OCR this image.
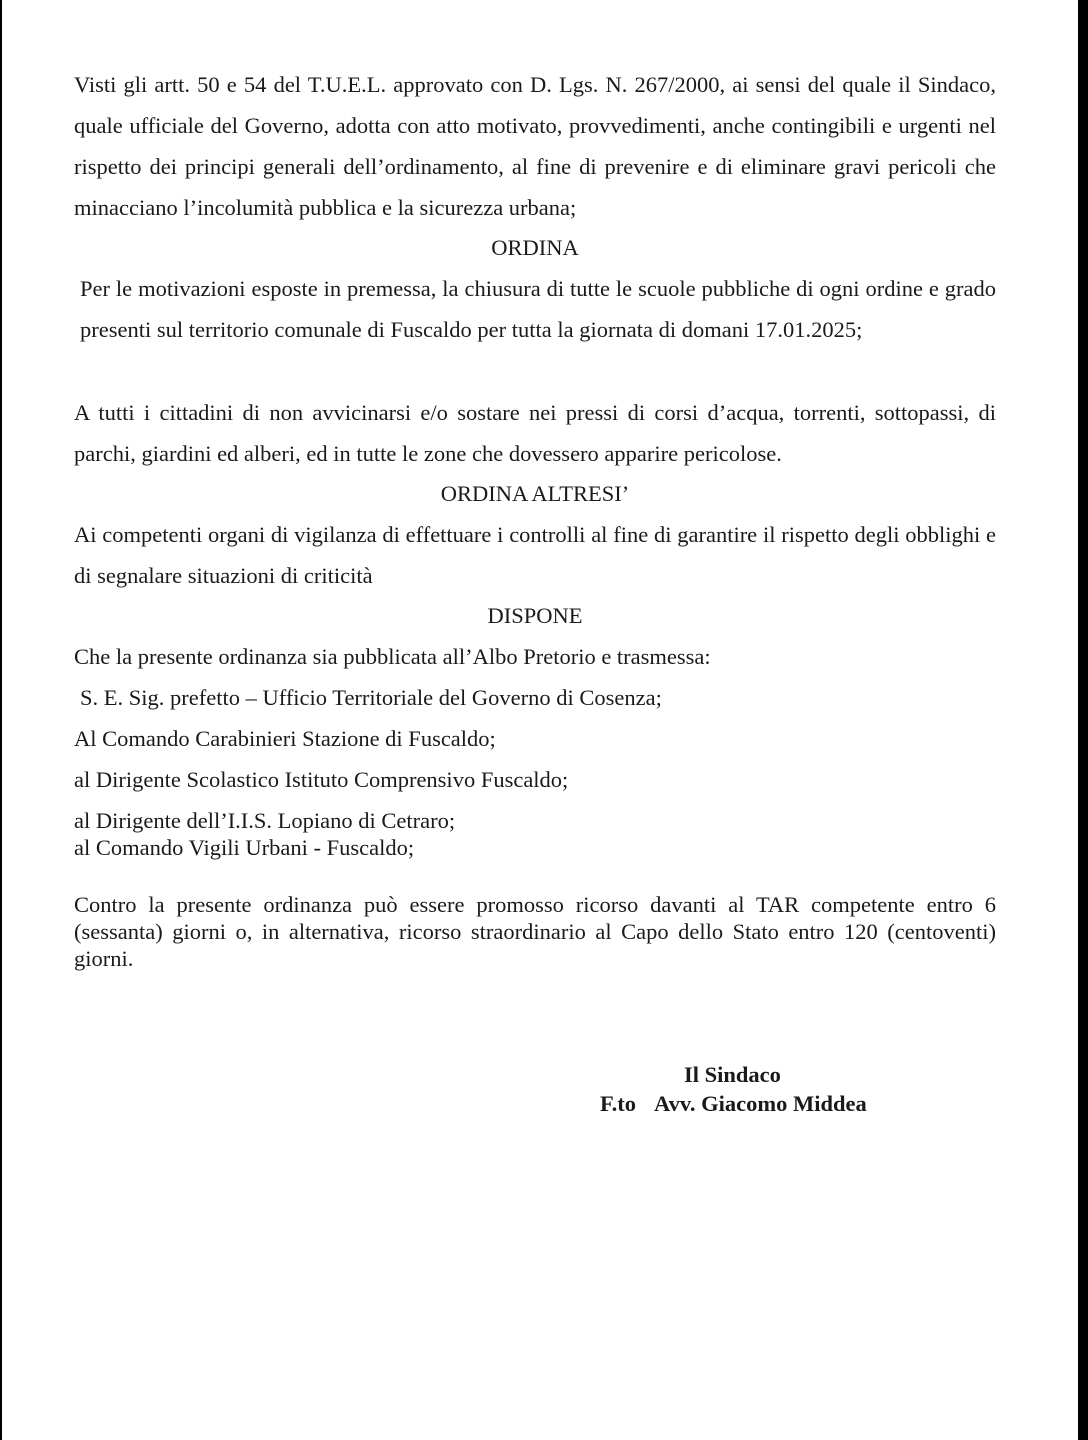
Visti gli artt. 50 e 54 del T.U.E.L. approvato con D. Lgs. N. 267/2000, ai sensi del quale il Sindaco, quale ufficiale del Governo, adotta con atto motivato, provvedimenti, anche contingibili e urgenti nel rispetto dei principi generali dell’ordinamento, al fine di prevenire e di eliminare gravi pericoli che minacciano l’incolumità pubblica e la sicurezza urbana;

ORDINA

Per le motivazioni esposte in premessa, la chiusura di tutte le scuole pubbliche di ogni ordine e grado presenti sul territorio comunale di Fuscaldo per tutta la giornata di domani 17.01.2025;

A tutti i cittadini di non avvicinarsi e/o sostare nei pressi di corsi d’acqua, torrenti, sottopassi, di parchi, giardini ed alberi, ed in tutte le zone che dovessero apparire pericolose.

ORDINA ALTRESI’

Ai competenti organi di vigilanza di effettuare i controlli al fine di garantire il rispetto degli obblighi e di segnalare situazioni di criticità

DISPONE

Che la presente ordinanza sia pubblicata all’Albo Pretorio e trasmessa:

S. E. Sig. prefetto – Ufficio Territoriale del Governo di Cosenza;

Al Comando Carabinieri Stazione di Fuscaldo;

al Dirigente Scolastico Istituto Comprensivo Fuscaldo;

al Dirigente dell’I.I.S. Lopiano di Cetraro;

al Comando Vigili Urbani - Fuscaldo;

Contro la presente ordinanza può essere promosso ricorso davanti al TAR competente entro 6 (sessanta) giorni o, in alternativa, ricorso straordinario al Capo dello Stato entro 120 (centoventi) giorni.

Il Sindaco

F.to Avv. Giacomo Middea
